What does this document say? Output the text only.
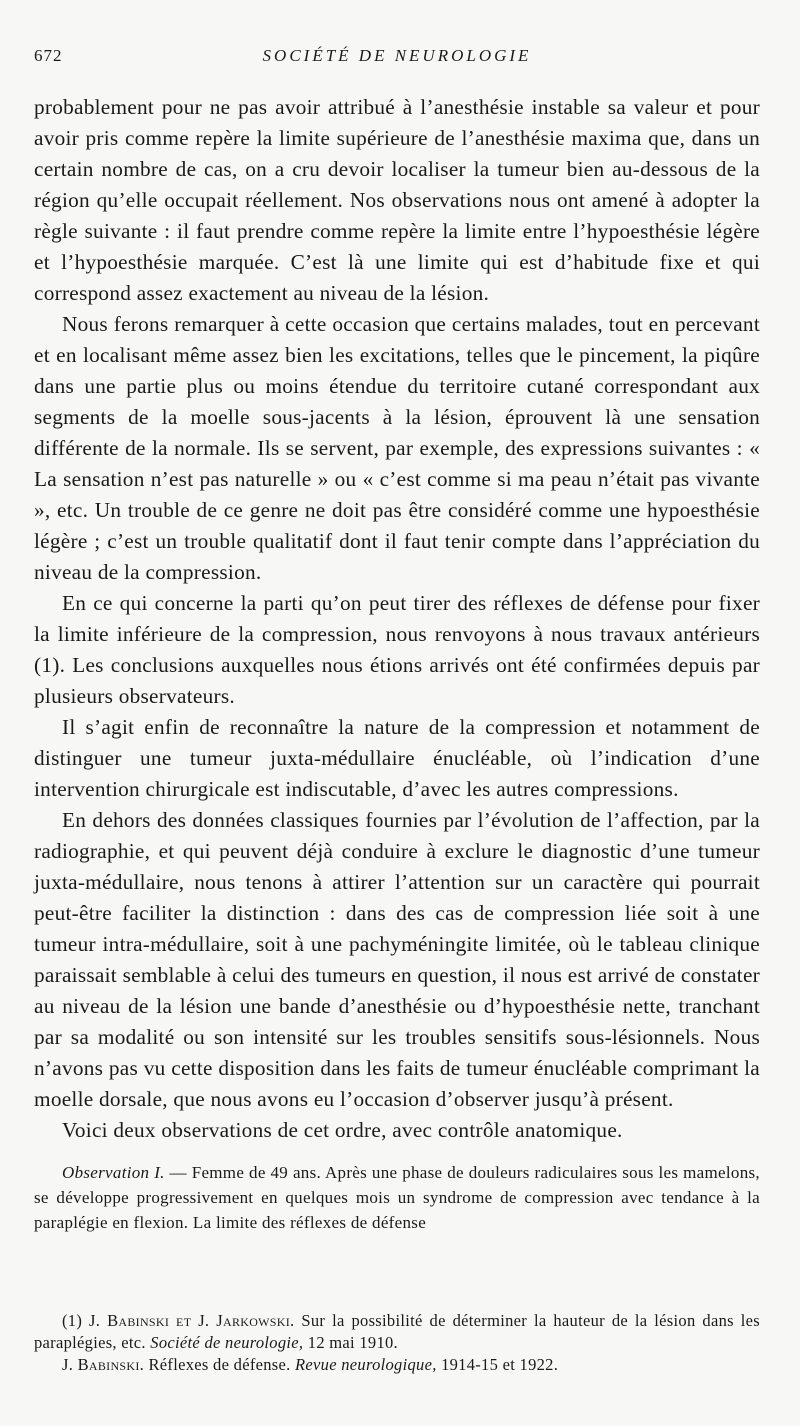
672	SOCIÉTÉ DE NEUROLOGIE

probablement pour ne pas avoir attribué à l’anesthésie instable sa valeur et pour avoir pris comme repère la limite supérieure de l’anesthésie maxima que, dans un certain nombre de cas, on a cru devoir localiser la tumeur bien au-dessous de la région qu’elle occupait réellement. Nos observations nous ont amené à adopter la règle suivante : il faut prendre comme repère la limite entre l’hypoesthésie légère et l’hypoesthésie marquée. C’est là une limite qui est d’habitude fixe et qui correspond assez exactement au niveau de la lésion.

Nous ferons remarquer à cette occasion que certains malades, tout en percevant et en localisant même assez bien les excitations, telles que le pincement, la piqûre dans une partie plus ou moins étendue du territoire cutané correspondant aux segments de la moelle sous-jacents à la lésion, éprouvent là une sensation différente de la normale. Ils se servent, par exemple, des expressions suivantes : « La sensation n’est pas naturelle » ou « c’est comme si ma peau n’était pas vivante », etc. Un trouble de ce genre ne doit pas être considéré comme une hypoesthésie légère ; c’est un trouble qualitatif dont il faut tenir compte dans l’appréciation du niveau de la compression.

En ce qui concerne la parti qu’on peut tirer des réflexes de défense pour fixer la limite inférieure de la compression, nous renvoyons à nous travaux antérieurs (1). Les conclusions auxquelles nous étions arrivés ont été confirmées depuis par plusieurs observateurs.

Il s’agit enfin de reconnaître la nature de la compression et notamment de distinguer une tumeur juxta-médullaire énucléable, où l’indication d’une intervention chirurgicale est indiscutable, d’avec les autres compressions.

En dehors des données classiques fournies par l’évolution de l’affection, par la radiographie, et qui peuvent déjà conduire à exclure le diagnostic d’une tumeur juxta-médullaire, nous tenons à attirer l’attention sur un caractère qui pourrait peut-être faciliter la distinction : dans des cas de compression liée soit à une tumeur intra-médullaire, soit à une pachyméningite limitée, où le tableau clinique paraissait semblable à celui des tumeurs en question, il nous est arrivé de constater au niveau de la lésion une bande d’anesthésie ou d’hypoesthésie nette, tranchant par sa modalité ou son intensité sur les troubles sensitifs sous-lésionnels. Nous n’avons pas vu cette disposition dans les faits de tumeur énucléable comprimant la moelle dorsale, que nous avons eu l’occasion d’observer jusqu’à présent.

Voici deux observations de cet ordre, avec contrôle anatomique.

Observation I. — Femme de 49 ans. Après une phase de douleurs radiculaires sous les mamelons, se développe progressivement en quelques mois un syndrome de compression avec tendance à la paraplégie en flexion. La limite des réflexes de défense

(1) J. Babinski et J. Jarkowski. Sur la possibilité de déterminer la hauteur de la lésion dans les paraplégies, etc. Société de neurologie, 12 mai 1910.

J. Babinski. Réflexes de défense. Revue neurologique, 1914-15 et 1922.
